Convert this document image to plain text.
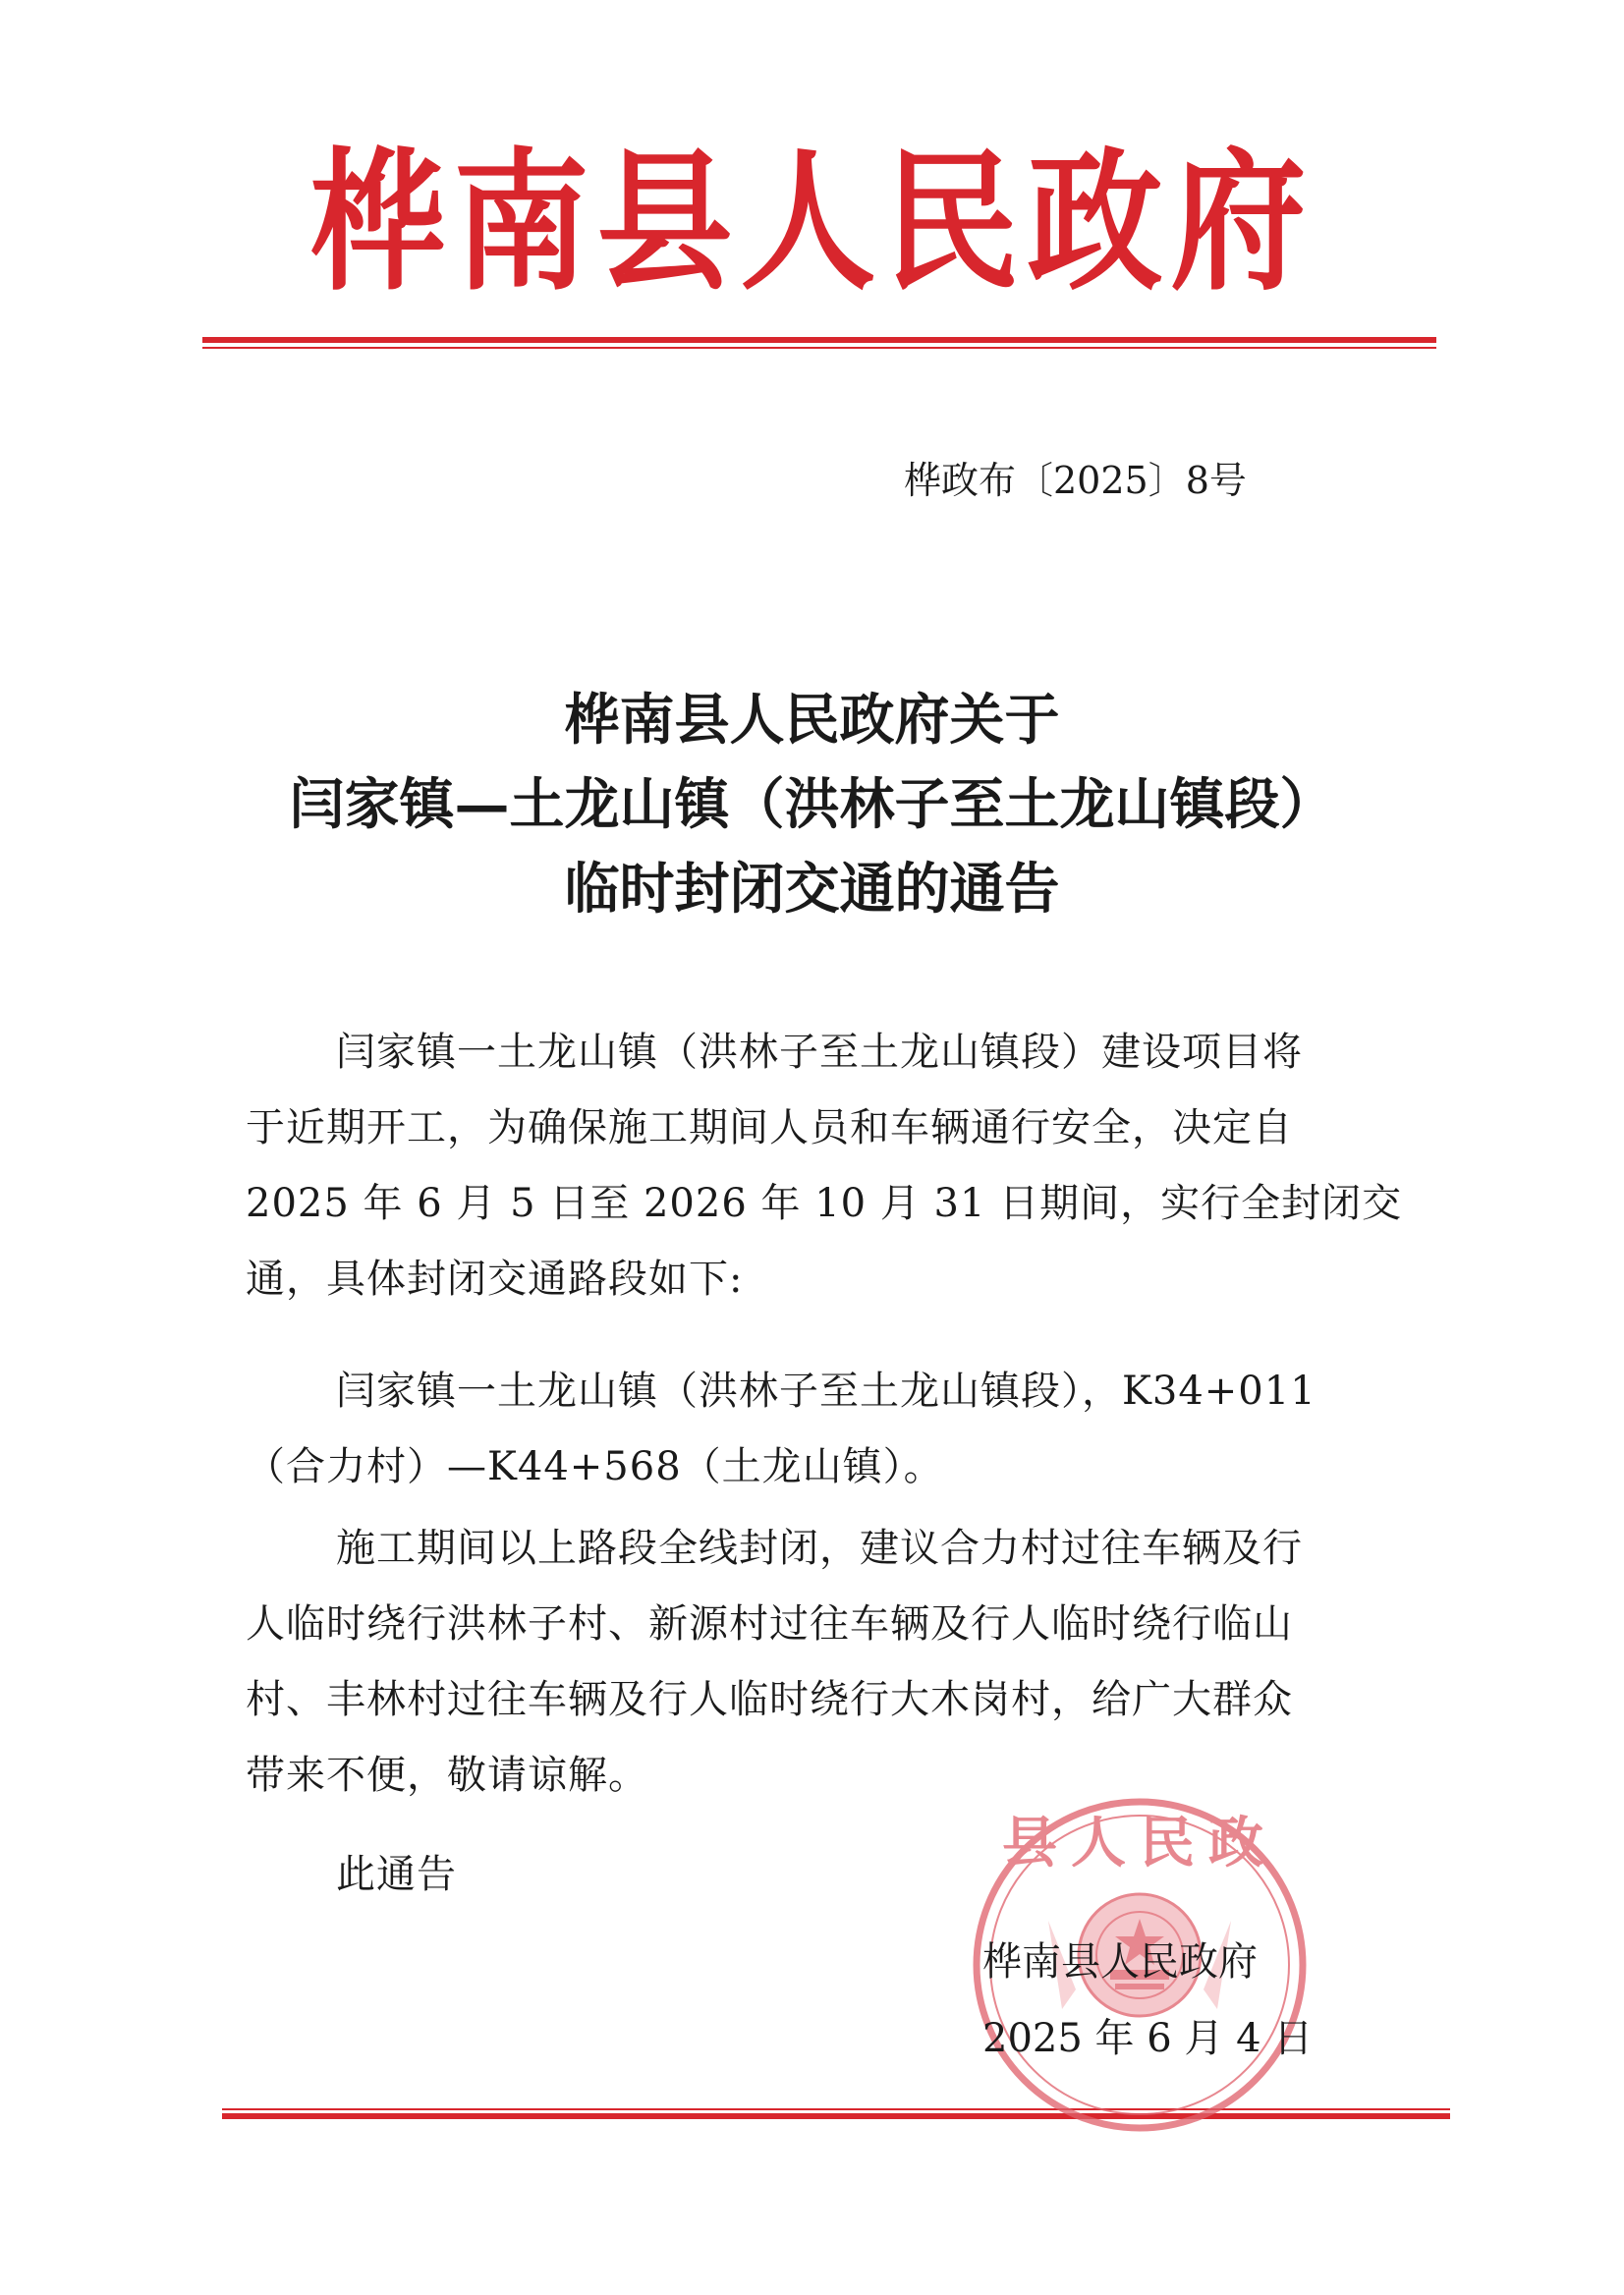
桦南县人民政府
桦政布〔2025〕8号
桦南县人民政府关于
闫家镇—土龙山镇（洪林子至土龙山镇段）
临时封闭交通的通告
闫家镇一土龙山镇（洪林子至土龙山镇段）建设项目将
于近期开工，为确保施工期间人员和车辆通行安全，决定自
2025 年 6 月 5 日至 2026 年 10 月 31 日期间，实行全封闭交
通，具体封闭交通路段如下:
闫家镇一土龙山镇（洪林子至土龙山镇段），K34+011
（合力村）—K44+568（土龙山镇）。
施工期间以上路段全线封闭，建议合力村过往车辆及行
人临时绕行洪林子村、新源村过往车辆及行人临时绕行临山
村、丰林村过往车辆及行人临时绕行大木岗村，给广大群众
带来不便，敬请谅解。
此通告	县人民政
桦南县人民政府
2025 年 6 月 4 日
